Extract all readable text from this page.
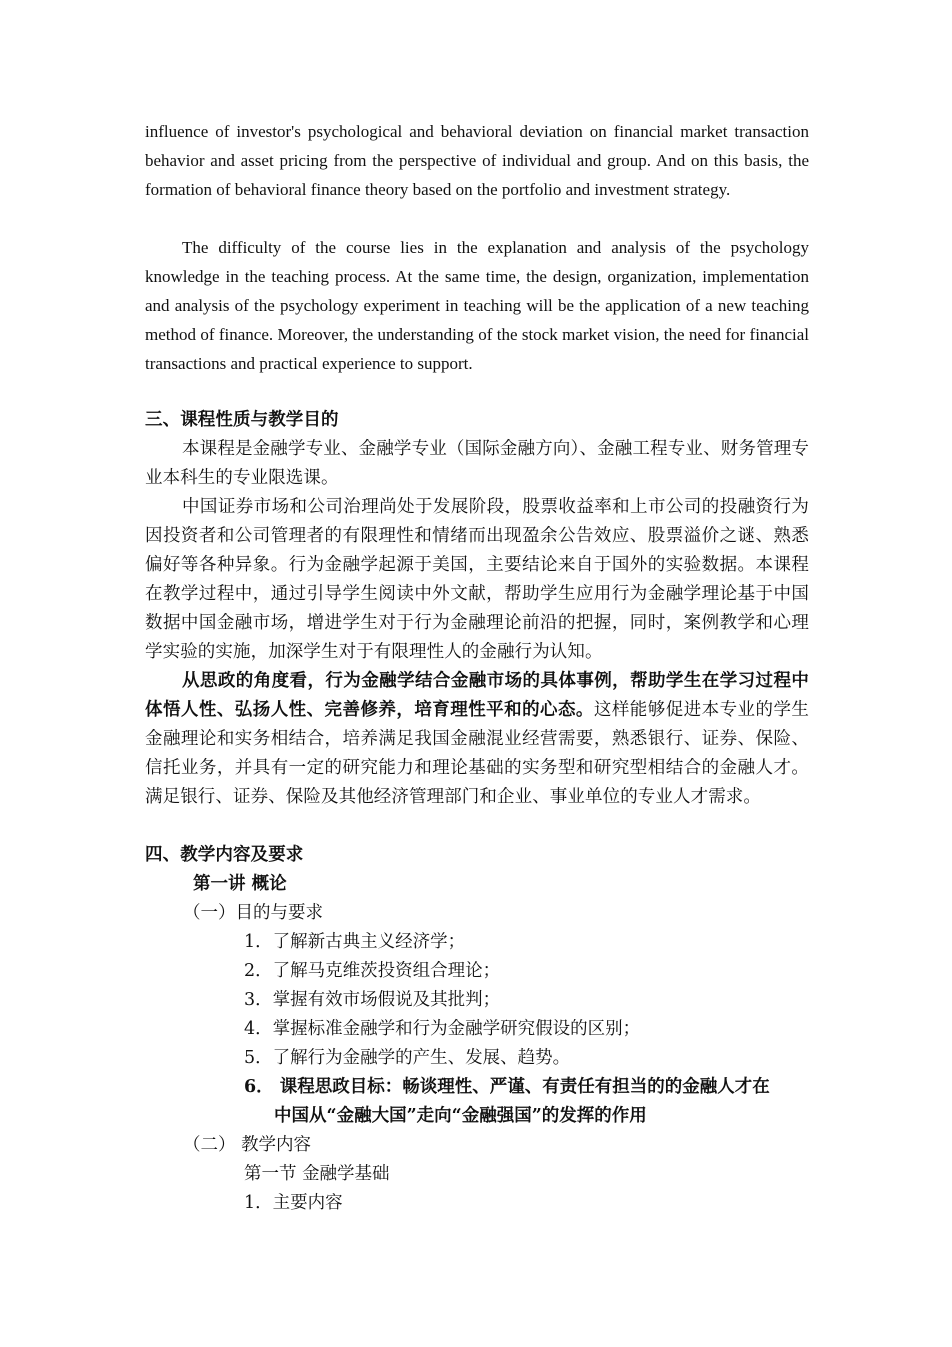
influence of investor's psychological and behavioral deviation on financial market transaction behavior and asset pricing from the perspective of individual and group. And on this basis, the formation of behavioral finance theory based on the portfolio and investment strategy.

The difficulty of the course lies in the explanation and analysis of the psychology knowledge in the teaching process. At the same time, the design, organization, implementation and analysis of the psychology experiment in teaching will be the application of a new teaching method of finance. Moreover, the understanding of the stock market vision, the need for financial transactions and practical experience to support.

三、课程性质与教学目的

本课程是金融学专业、金融学专业（国际金融方向）、金融工程专业、财务管理专业本科生的专业限选课。

中国证券市场和公司治理尚处于发展阶段，股票收益率和上市公司的投融资行为因投资者和公司管理者的有限理性和情绪而出现盈余公告效应、股票溢价之谜、熟悉偏好等各种异象。行为金融学起源于美国，主要结论来自于国外的实验数据。本课程在教学过程中，通过引导学生阅读中外文献，帮助学生应用行为金融学理论基于中国数据中国金融市场，增进学生对于行为金融理论前沿的把握，同时，案例教学和心理学实验的实施，加深学生对于有限理性人的金融行为认知。

从思政的角度看，行为金融学结合金融市场的具体事例，帮助学生在学习过程中体悟人性、弘扬人性、完善修养，培育理性平和的心态。这样能够促进本专业的学生金融理论和实务相结合，培养满足我国金融混业经营需要，熟悉银行、证券、保险、信托业务，并具有一定的研究能力和理论基础的实务型和研究型相结合的金融人才。满足银行、证券、保险及其他经济管理部门和企业、事业单位的专业人才需求。

四、教学内容及要求
第一讲 概论
（一）目的与要求
1．了解新古典主义经济学；
2．了解马克维茨投资组合理论；
3．掌握有效市场假说及其批判；
4．掌握标准金融学和行为金融学研究假设的区别；
5．了解行为金融学的产生、发展、趋势。
6． 课程思政目标：畅谈理性、严谨、有责任有担当的的金融人才在
中国从“金融大国”走向“金融强国”的发挥的作用
（二） 教学内容
第一节 金融学基础
1．主要内容
